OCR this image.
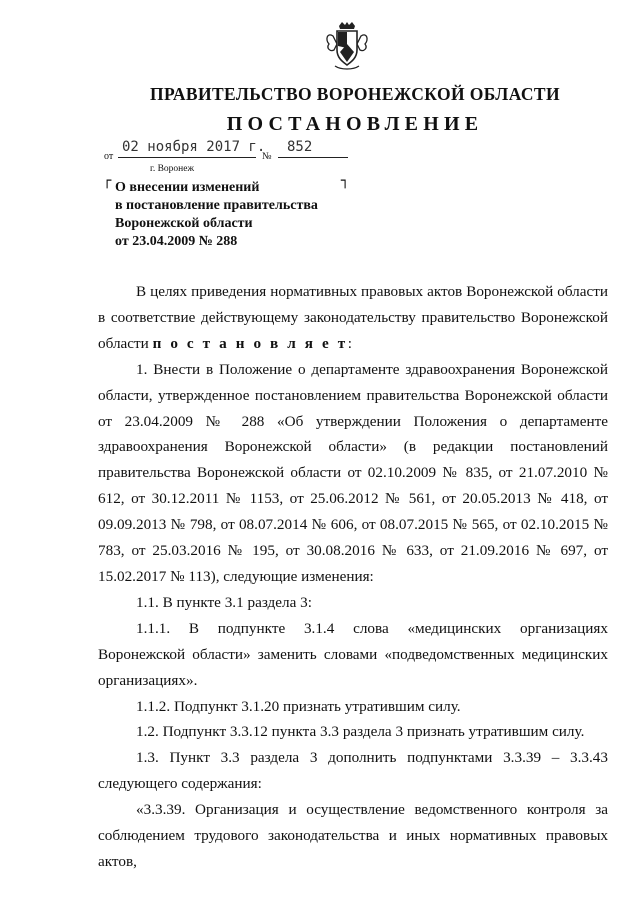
ПРАВИТЕЛЬСТВО ВОРОНЕЖСКОЙ ОБЛАСТИ
ПОСТАНОВЛЕНИЕ
от
02 ноября 2017 г.
№
852
г. Воронеж
┌	┐
О внесении изменений
в постановление правительства
Воронежской области
от 23.04.2009 № 288

В целях приведения нормативных правовых актов Воронежской области в соответствие действующему законодательству правительство Воронежской области п о с т а н о в л я е т:

1. Внести в Положение о департаменте здравоохранения Воронежской области, утвержденное постановлением правительства Воронежской области от 23.04.2009 № 288 «Об утверждении Положения о департаменте здравоохранения Воронежской области» (в редакции постановлений правительства Воронежской области от 02.10.2009 № 835, от 21.07.2010 № 612, от 30.12.2011 № 1153, от 25.06.2012 № 561, от 20.05.2013 № 418, от 09.09.2013 № 798, от 08.07.2014 № 606, от 08.07.2015 № 565, от 02.10.2015 № 783, от 25.03.2016 № 195, от 30.08.2016 № 633, от 21.09.2016 № 697, от 15.02.2017 № 113), следующие изменения:

1.1. В пункте 3.1 раздела 3:

1.1.1. В подпункте 3.1.4 слова «медицинских организациях Воронежской области» заменить словами «подведомственных медицинских организациях».

1.1.2. Подпункт 3.1.20 признать утратившим силу.

1.2. Подпункт 3.3.12 пункта 3.3 раздела 3 признать утратившим силу.

1.3. Пункт 3.3 раздела 3 дополнить подпунктами 3.3.39 – 3.3.43 следующего содержания:

«3.3.39. Организация и осуществление ведомственного контроля за соблюдением трудового законодательства и иных нормативных правовых актов,
